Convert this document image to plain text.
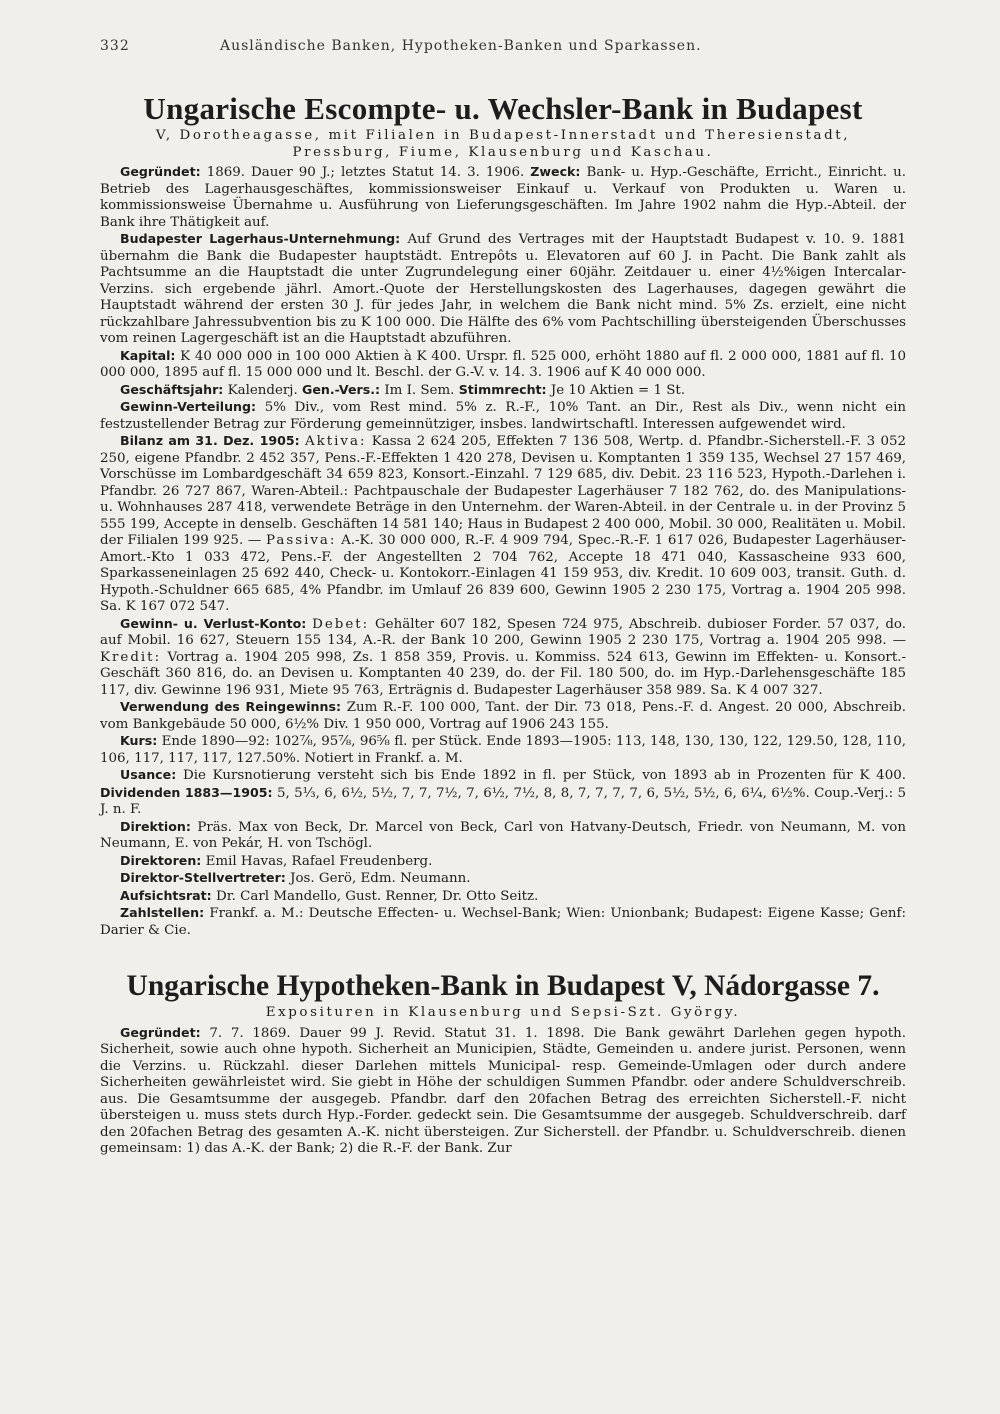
332	Ausländische Banken, Hypotheken-Banken und Sparkassen.
Ungarische Escompte- u. Wechsler-Bank in Budapest
V, Dorotheagasse, mit Filialen in Budapest-Innerstadt und Theresienstadt,
Pressburg, Fiume, Klausenburg und Kaschau.

Gegründet: 1869. Dauer 90 J.; letztes Statut 14. 3. 1906. Zweck: Bank- u. Hyp.-Geschäfte, Erricht., Einricht. u. Betrieb des Lagerhausgeschäftes, kommissionsweiser Einkauf u. Verkauf von Produkten u. Waren u. kommissionsweise Übernahme u. Ausführung von Lieferungsgeschäften. Im Jahre 1902 nahm die Hyp.-Abteil. der Bank ihre Thätigkeit auf.

Budapester Lagerhaus-Unternehmung: Auf Grund des Vertrages mit der Hauptstadt Budapest v. 10. 9. 1881 übernahm die Bank die Budapester hauptstädt. Entrepôts u. Elevatoren auf 60 J. in Pacht. Die Bank zahlt als Pachtsumme an die Hauptstadt die unter Zugrundelegung einer 60jähr. Zeitdauer u. einer 4½%igen Intercalar-Verzins. sich ergebende jährl. Amort.-Quote der Herstellungskosten des Lagerhauses, dagegen gewährt die Hauptstadt während der ersten 30 J. für jedes Jahr, in welchem die Bank nicht mind. 5% Zs. erzielt, eine nicht rückzahlbare Jahressubvention bis zu K 100 000. Die Hälfte des 6% vom Pachtschilling übersteigenden Überschusses vom reinen Lagergeschäft ist an die Hauptstadt abzuführen.

Kapital: K 40 000 000 in 100 000 Aktien à K 400. Urspr. fl. 525 000, erhöht 1880 auf fl. 2 000 000, 1881 auf fl. 10 000 000, 1895 auf fl. 15 000 000 und lt. Beschl. der G.-V. v. 14. 3. 1906 auf K 40 000 000.

Geschäftsjahr: Kalenderj. Gen.-Vers.: Im I. Sem. Stimmrecht: Je 10 Aktien = 1 St.

Gewinn-Verteilung: 5% Div., vom Rest mind. 5% z. R.-F., 10% Tant. an Dir., Rest als Div., wenn nicht ein festzustellender Betrag zur Förderung gemeinnütziger, insbes. landwirtschaftl. Interessen aufgewendet wird.

Bilanz am 31. Dez. 1905: Aktiva: Kassa 2 624 205, Effekten 7 136 508, Wertp. d. Pfandbr.-Sicherstell.-F. 3 052 250, eigene Pfandbr. 2 452 357, Pens.-F.-Effekten 1 420 278, Devisen u. Komptanten 1 359 135, Wechsel 27 157 469, Vorschüsse im Lombardgeschäft 34 659 823, Konsort.-Einzahl. 7 129 685, div. Debit. 23 116 523, Hypoth.-Darlehen i. Pfandbr. 26 727 867, Waren-Abteil.: Pachtpauschale der Budapester Lagerhäuser 7 182 762, do. des Manipulations- u. Wohnhauses 287 418, verwendete Beträge in den Unternehm. der Waren-Abteil. in der Centrale u. in der Provinz 5 555 199, Accepte in denselb. Geschäften 14 581 140; Haus in Budapest 2 400 000, Mobil. 30 000, Realitäten u. Mobil. der Filialen 199 925. — Passiva: A.-K. 30 000 000, R.-F. 4 909 794, Spec.-R.-F. 1 617 026, Budapester Lagerhäuser-Amort.-Kto 1 033 472, Pens.-F. der Angestellten 2 704 762, Accepte 18 471 040, Kassascheine 933 600, Sparkasseneinlagen 25 692 440, Check- u. Kontokorr.-Einlagen 41 159 953, div. Kredit. 10 609 003, transit. Guth. d. Hypoth.-Schuldner 665 685, 4% Pfandbr. im Umlauf 26 839 600, Gewinn 1905 2 230 175, Vortrag a. 1904 205 998. Sa. K 167 072 547.

Gewinn- u. Verlust-Konto: Debet: Gehälter 607 182, Spesen 724 975, Abschreib. dubioser Forder. 57 037, do. auf Mobil. 16 627, Steuern 155 134, A.-R. der Bank 10 200, Gewinn 1905 2 230 175, Vortrag a. 1904 205 998. — Kredit: Vortrag a. 1904 205 998, Zs. 1 858 359, Provis. u. Kommiss. 524 613, Gewinn im Effekten- u. Konsort.-Geschäft 360 816, do. an Devisen u. Komptanten 40 239, do. der Fil. 180 500, do. im Hyp.-Darlehensgeschäfte 185 117, div. Gewinne 196 931, Miete 95 763, Erträgnis d. Budapester Lagerhäuser 358 989. Sa. K 4 007 327.

Verwendung des Reingewinns: Zum R.-F. 100 000, Tant. der Dir. 73 018, Pens.-F. d. Angest. 20 000, Abschreib. vom Bankgebäude 50 000, 6½% Div. 1 950 000, Vortrag auf 1906 243 155.

Kurs: Ende 1890—92: 102⅞, 95⅞, 96⅝ fl. per Stück. Ende 1893—1905: 113, 148, 130, 130, 122, 129.50, 128, 110, 106, 117, 117, 117, 127.50%. Notiert in Frankf. a. M.

Usance: Die Kursnotierung versteht sich bis Ende 1892 in fl. per Stück, von 1893 ab in Prozenten für K 400. Dividenden 1883—1905: 5, 5⅓, 6, 6½, 5½, 7, 7, 7½, 7, 6½, 7½, 8, 8, 7, 7, 7, 7, 6, 5½, 5½, 6, 6¼, 6½%. Coup.-Verj.: 5 J. n. F.

Direktion: Präs. Max von Beck, Dr. Marcel von Beck, Carl von Hatvany-Deutsch, Friedr. von Neumann, M. von Neumann, E. von Pekár, H. von Tschögl.

Direktoren: Emil Havas, Rafael Freudenberg.

Direktor-Stellvertreter: Jos. Gerö, Edm. Neumann.

Aufsichtsrat: Dr. Carl Mandello, Gust. Renner, Dr. Otto Seitz.

Zahlstellen: Frankf. a. M.: Deutsche Effecten- u. Wechsel-Bank; Wien: Unionbank; Budapest: Eigene Kasse; Genf: Darier & Cie.

Ungarische Hypotheken-Bank in Budapest V, Nádorgasse 7.
Exposituren in Klausenburg und Sepsi-Szt. György.

Gegründet: 7. 7. 1869. Dauer 99 J. Revid. Statut 31. 1. 1898. Die Bank gewährt Darlehen gegen hypoth. Sicherheit, sowie auch ohne hypoth. Sicherheit an Municipien, Städte, Gemeinden u. andere jurist. Personen, wenn die Verzins. u. Rückzahl. dieser Darlehen mittels Municipal- resp. Gemeinde-Umlagen oder durch andere Sicherheiten gewährleistet wird. Sie giebt in Höhe der schuldigen Summen Pfandbr. oder andere Schuldverschreib. aus. Die Gesamtsumme der ausgegeb. Pfandbr. darf den 20fachen Betrag des erreichten Sicherstell.-F. nicht übersteigen u. muss stets durch Hyp.-Forder. gedeckt sein. Die Gesamtsumme der ausgegeb. Schuldverschreib. darf den 20fachen Betrag des gesamten A.-K. nicht übersteigen. Zur Sicherstell. der Pfandbr. u. Schuldverschreib. dienen gemeinsam: 1) das A.-K. der Bank; 2) die R.-F. der Bank. Zur
